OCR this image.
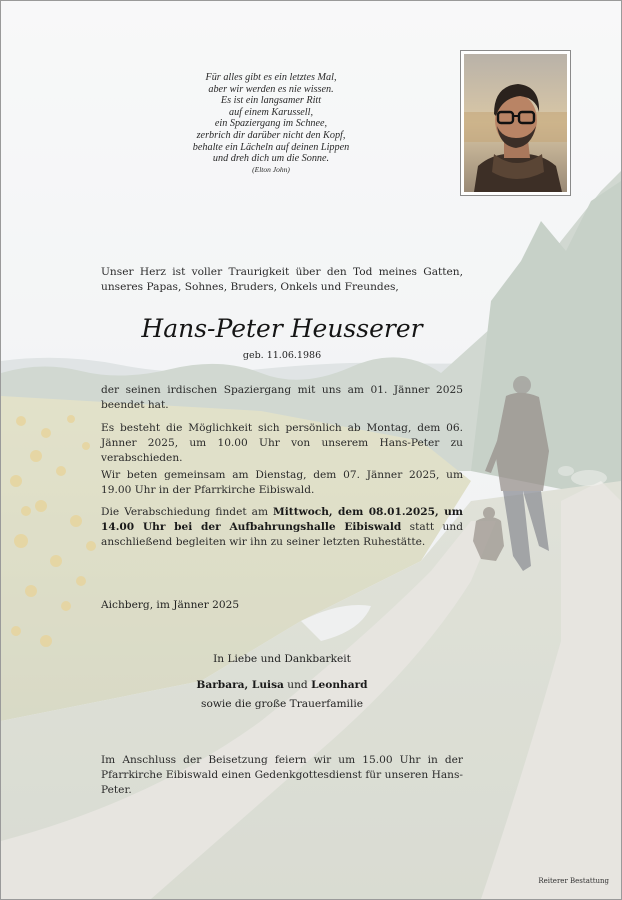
Für alles gibt es ein letztes Mal,
aber wir werden es nie wissen.
Es ist ein langsamer Ritt
auf einem Karussell,
ein Spaziergang im Schnee,
zerbrich dir darüber nicht den Kopf,
behalte ein Lächeln auf deinen Lippen
und dreh dich um die Sonne.
(Elton John)
Unser Herz ist voller Traurigkeit über den Tod meines Gatten, unseres Papas, Sohnes, Bruders, Onkels und Freundes,
Hans-Peter Heusserer
geb. 11.06.1986
der seinen irdischen Spaziergang mit uns am 01. Jänner 2025 beendet hat.
Es besteht die Möglichkeit sich persönlich ab Montag, dem 06. Jänner 2025, um 10.00 Uhr von unserem Hans-Peter zu verabschieden.
Wir beten gemeinsam am Dienstag, dem 07. Jänner 2025, um 19.00 Uhr in der Pfarrkirche Eibiswald.
Die Verabschiedung findet am Mittwoch, dem 08.01.2025, um 14.00 Uhr bei der Aufbahrungshalle Eibiswald statt und anschließend begleiten wir ihn zu seiner letzten Ruhestätte.
Aichberg, im Jänner 2025
In Liebe und Dankbarkeit
Barbara, Luisa und Leonhard
sowie die große Trauerfamilie
Im Anschluss der Beisetzung feiern wir um 15.00 Uhr in der Pfarrkirche Eibiswald einen Gedenkgottesdienst für unseren Hans-Peter.
Reiterer Bestattung
